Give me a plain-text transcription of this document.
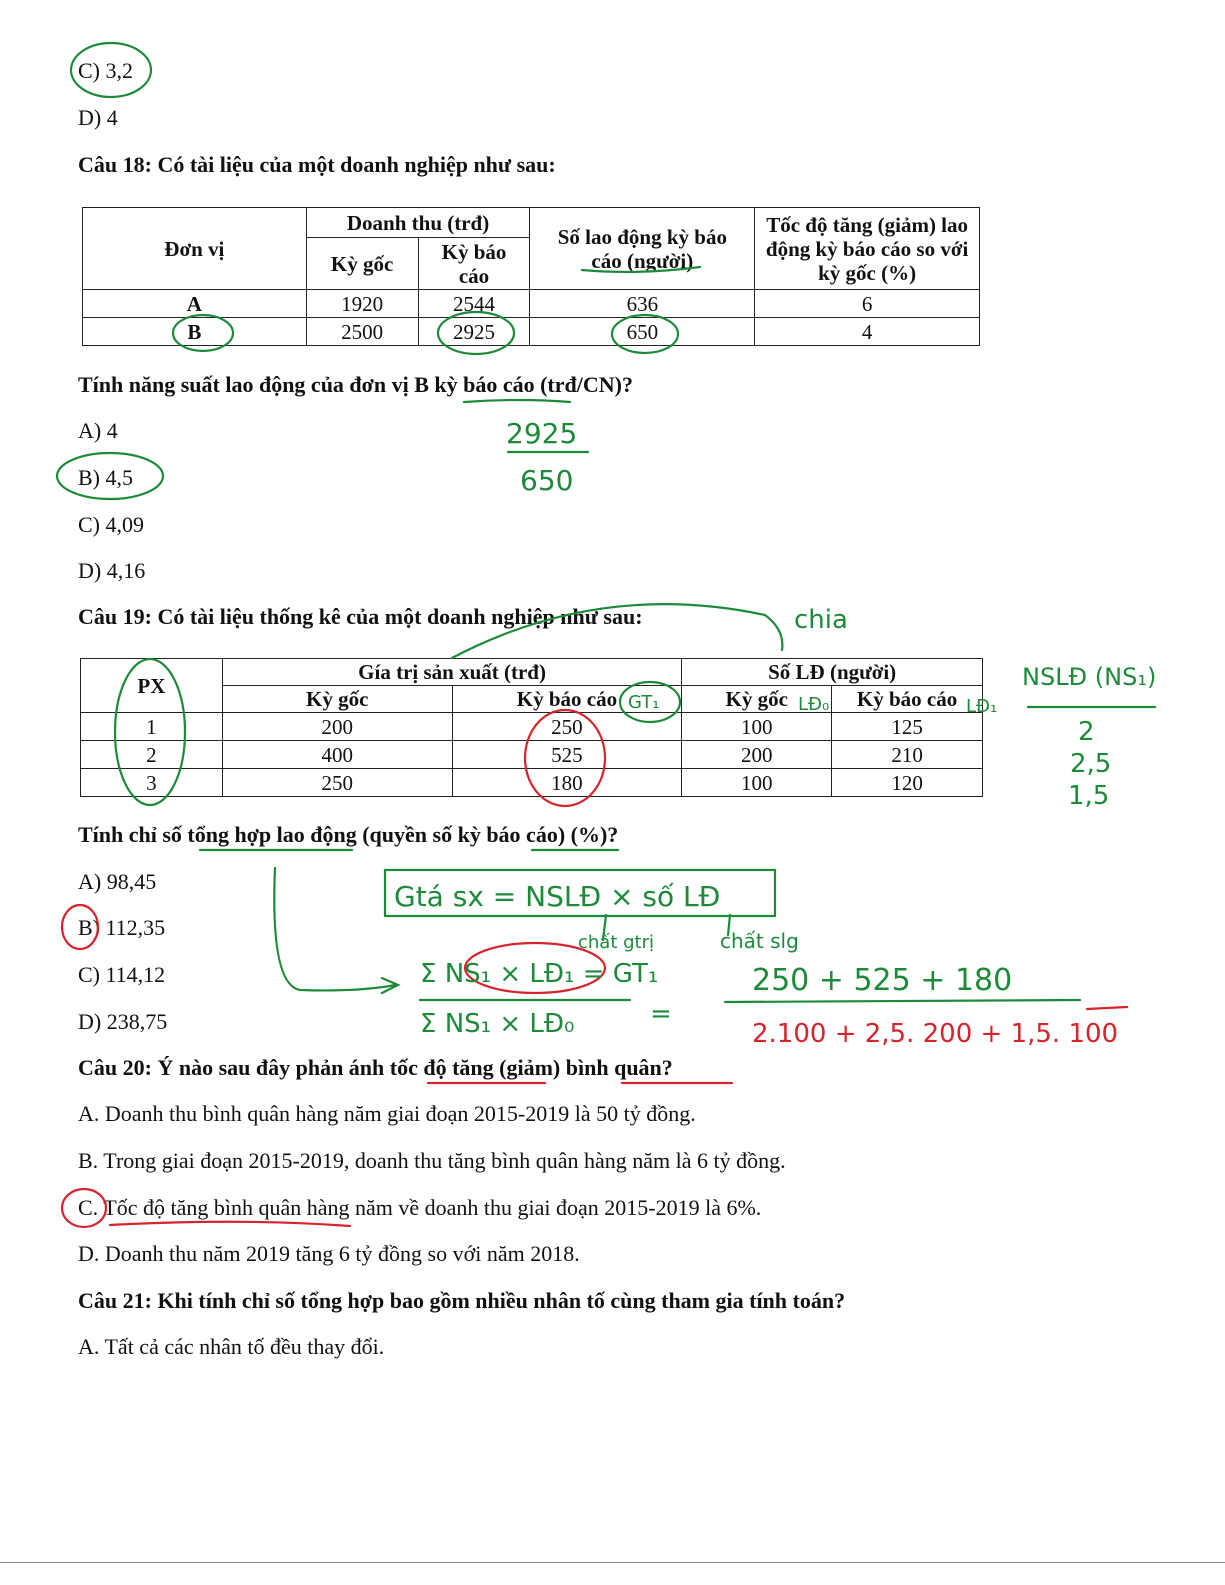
C) 3,2
D) 4
Câu 18: Có tài liệu của một doanh nghiệp như sau:
Đơn vị	Doanh thu (trđ)		Số lao động kỳ báo cáo (người)	Tốc độ tăng (giảm) lao động kỳ báo cáo so với kỳ gốc (%)
	Kỳ gốc	Kỳ báo cáo		
A	1920	2544	636	6
B	2500	2925	650	4
Tính năng suất lao động của đơn vị B kỳ báo cáo (trđ/CN)?
A) 4
B) 4,5
C) 4,09
D) 4,16
Câu 19: Có tài liệu thống kê của một doanh nghiệp như sau:
PX	Gía trị sản xuất (trđ)		Số LĐ (người)	
	Kỳ gốc	Kỳ báo cáo	Kỳ gốc	Kỳ báo cáo
1	200	250	100	125
2	400	525	200	210
3	250	180	100	120
Tính chỉ số tổng hợp lao động (quyền số kỳ báo cáo) (%)?
A) 98,45
B) 112,35
C) 114,12
D) 238,75
Câu 20: Ý nào sau đây phản ánh tốc độ tăng (giảm) bình quân?
A. Doanh thu bình quân hàng năm giai đoạn 2015-2019 là 50 tỷ đồng.
B. Trong giai đoạn 2015-2019, doanh thu tăng bình quân hàng năm là 6 tỷ đồng.
C. Tốc độ tăng bình quân hàng năm về doanh thu giai đoạn 2015-2019 là 6%.
D. Doanh thu năm 2019 tăng 6 tỷ đồng so với năm 2018.
Câu 21: Khi tính chỉ số tổng hợp bao gồm nhiều nhân tố cùng tham gia tính toán?
A. Tất cả các nhân tố đều thay đổi.
2925
650
chia
GT₁	LĐ₀	LĐ₁
NSLĐ (NS₁)
2
2,5
1,5
Gtá sx = NSLĐ × số LĐ
chất gtrị	chất slg
Σ NS₁ × LĐ₁ = GT₁
Σ NS₁ × LĐ₀	=
250 + 525 + 180
2.100 + 2,5. 200 + 1,5. 100
